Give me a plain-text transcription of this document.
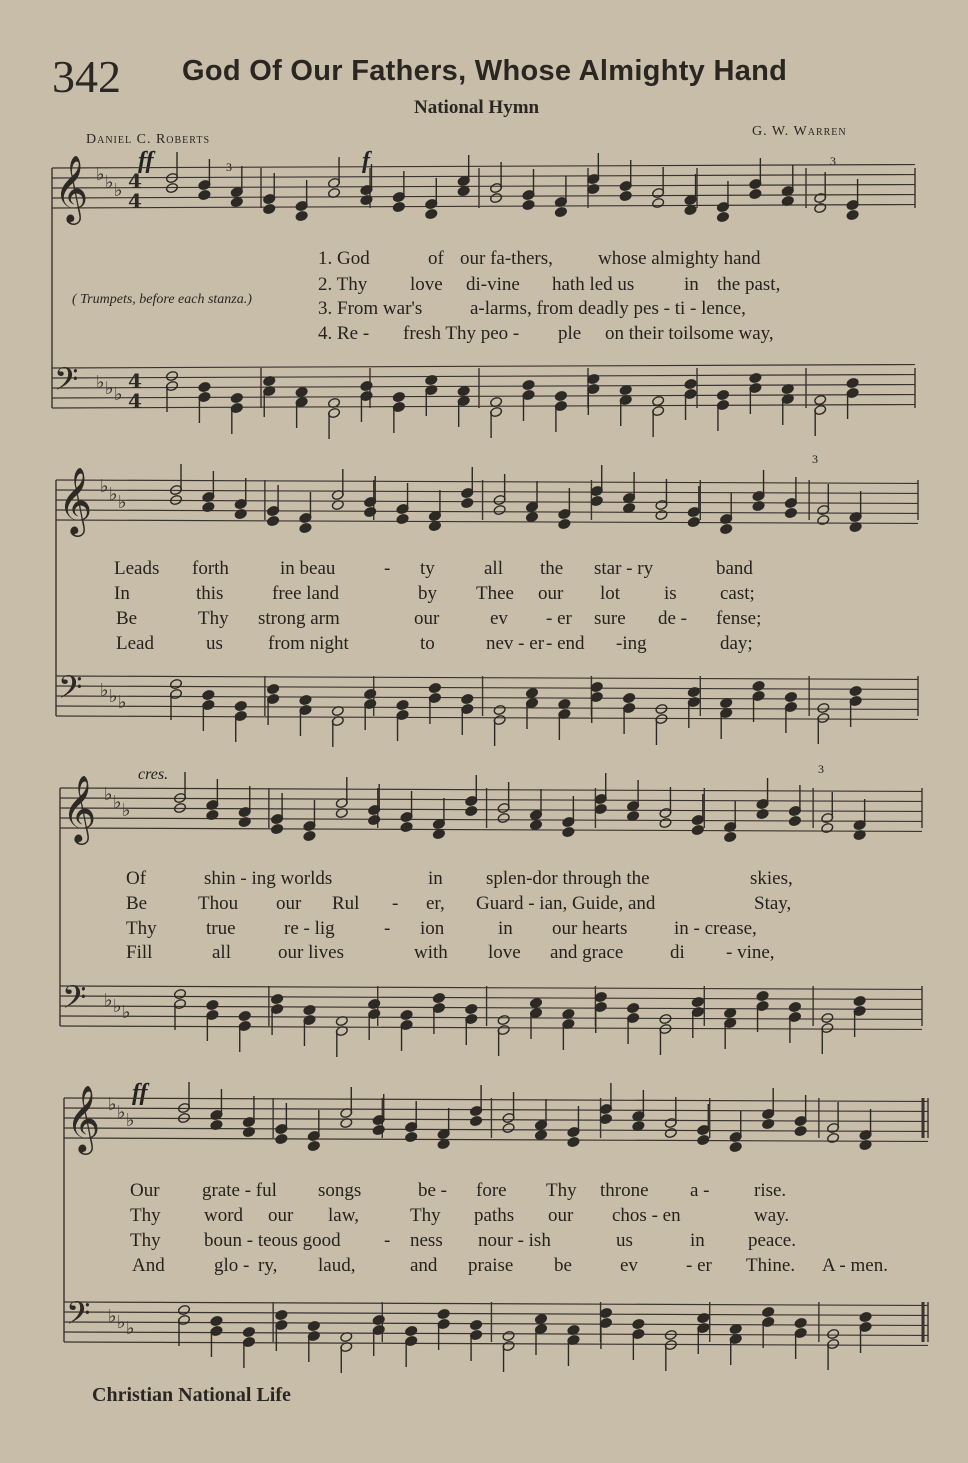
342 God Of Our Fathers, Whose Almighty Hand
National Hymn
Daniel C. Roberts
G. W. Warren
( Trumpets, before each stanza.)
ff	f
cres.
ff
3	3
3
3
𝄞 ♭ ♭ ♭ 4
4
𝄢 ♭ ♭ ♭
4
4
𝄞 ♭ ♭ ♭
𝄢 ♭ ♭ ♭
𝄞 ♭ ♭ ♭
𝄢 ♭ ♭ ♭
𝄞 ♭ ♭ ♭
𝄢 ♭ ♭ ♭
1. God	of our fa-thers, whose almighty hand
2. Thy love di-vine hath led us	in the past,
3. From war's	a-larms, from deadly pes - ti - lence,
4. Re - fresh Thy peo - ple on their toilsome way,
Leads forth	in beau	- ty	all the star - ry	band
In	this	free land	by Thee our lot is cast;
Be	Thy strong arm	our	ev - er sure de - fense;
Lead	us from night	to	nev - er - end -ing	day;
Of	shin - ing worlds	in splen-dor through the	skies,
Be	Thou our Rul - er, Guard - ian, Guide, and	Stay,
Thy	true	re - lig	- ion	in our hearts in - crease,
Fill	all our lives	with love and grace di - vine,
Our grate - ful songs	be - fore Thy throne a - rise.
Thy word our law,	Thy paths our chos - en	way.
Thy boun - teous good - ness nour - ish	us	in peace.
And	glo - ry, laud,	and praise be	ev	- er Thine. A - men.
Christian National Life
